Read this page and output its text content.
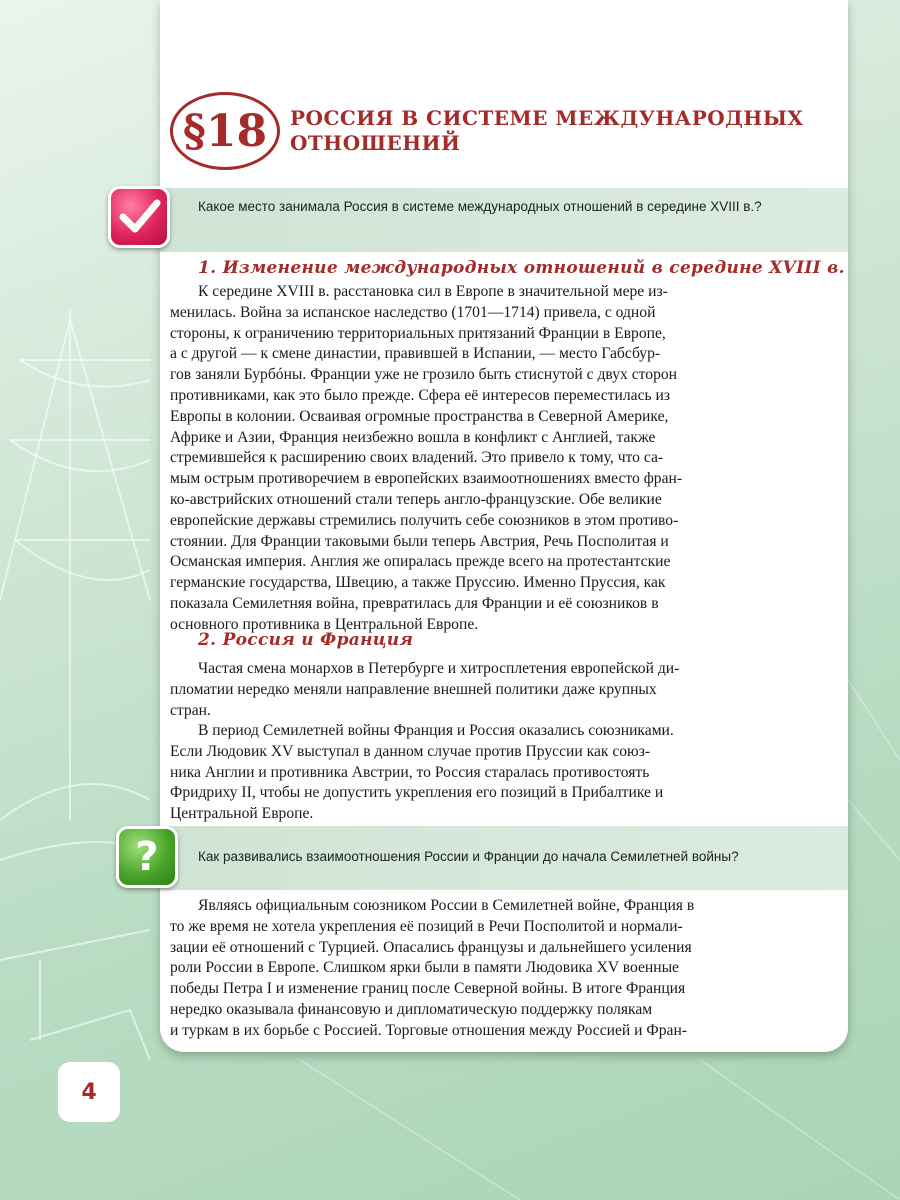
§18 РОССИЯ В СИСТЕМЕ МЕЖДУНАРОДНЫХ
ОТНОШЕНИЙ
Какое место занимала Россия в системе международных отношений в середине XVIII в.?
1. Изменение международных отношений в середине XVIII в.

К середине XVIII в. расстановка сил в Европе в значительной мере из-
менилась. Война за испанское наследство (1701—1714) привела, с одной
стороны, к ограничению территориальных притязаний Франции в Европе,
а с другой — к смене династии, правившей в Испании, — место Габсбур-
гов заняли Бурбóны. Франции уже не грозило быть стиснутой с двух сторон
противниками, как это было прежде. Сфера её интересов переместилась из
Европы в колонии. Осваивая огромные пространства в Северной Америке,
Африке и Азии, Франция неизбежно вошла в конфликт с Англией, также
стремившейся к расширению своих владений. Это привело к тому, что са-
мым острым противоречием в европейских взаимоотношениях вместо фран-
ко-австрийских отношений стали теперь англо-французские. Обе великие
европейские державы стремились получить себе союзников в этом противо-
стоянии. Для Франции таковыми были теперь Австрия, Речь Посполитая и
Османская империя. Англия же опиралась прежде всего на протестантские
германские государства, Швецию, а также Пруссию. Именно Пруссия, как
показала Семилетняя война, превратилась для Франции и её союзников в
основного противника в Центральной Европе.

2. Россия и Франция

Частая смена монархов в Петербурге и хитросплетения европейской ди-
пломатии нередко меняли направление внешней политики даже крупных
стран.

В период Семилетней войны Франция и Россия оказались союзниками.
Если Людовик XV выступал в данном случае против Пруссии как союз-
ника Англии и противника Австрии, то Россия старалась противостоять
Фридриху II, чтобы не допустить укрепления его позиций в Прибалтике и
Центральной Европе.

?	Как развивались взаимоотношения России и Франции до начала Семилетней войны?

Являясь официальным союзником России в Семилетней войне, Франция в
то же время не хотела укрепления её позиций в Речи Посполитой и нормали-
зации её отношений с Турцией. Опасались французы и дальнейшего усиления
роли России в Европе. Слишком ярки были в памяти Людовика XV военные
победы Петра I и изменение границ после Северной войны. В итоге Франция
нередко оказывала финансовую и дипломатическую поддержку полякам
и туркам в их борьбе с Россией. Торговые отношения между Россией и Фран-

4
